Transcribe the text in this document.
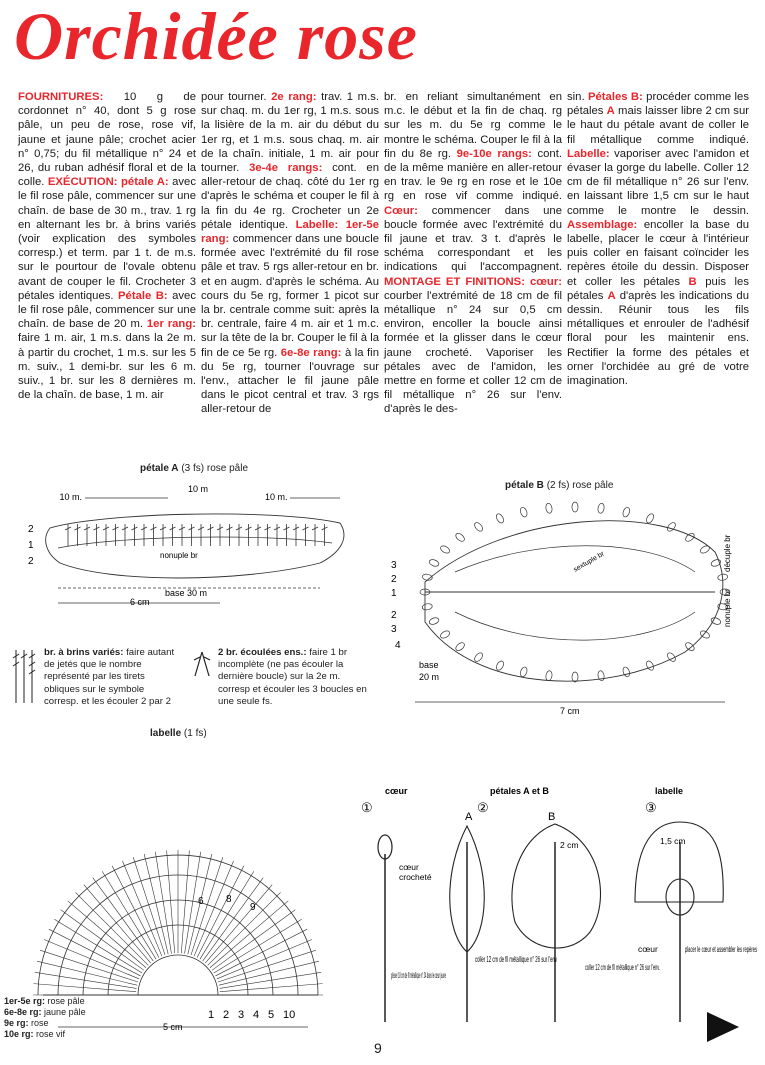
Orchidée rose

FOURNITURES: 10 g de cordonnet n° 40, dont 5 g rose pâle, un peu de rose, rose vif, jaune et jaune pâle; crochet acier n° 0,75; du fil métallique n° 24 et 26, du ruban adhésif floral et de la colle. EXÉCUTION: pétale A: avec le fil rose pâle, commencer sur une chaîn. de base de 30 m., trav. 1 rg en alternant les br. à brins variés (voir explication des symboles corresp.) et term. par 1 t. de m.s. sur le pourtour de l'ovale obtenu avant de couper le fil. Crocheter 3 pétales identiques. Pétale B: avec le fil rose pâle, commencer sur une chaîn. de base de 20 m. 1er rang: faire 1 m. air, 1 m.s. dans la 2e m. à partir du crochet, 1 m.s. sur les 5 m. suiv., 1 demi-br. sur les 6 m. suiv., 1 br. sur les 8 dernières m. de la chaîn. de base, 1 m. air

pour tourner. 2e rang: trav. 1 m.s. sur chaq. m. du 1er rg, 1 m.s. sous la lisière de la m. air du début du 1er rg, et 1 m.s. sous chaq. m. air de la chaîn. initiale, 1 m. air pour tourner. 3e-4e rangs: cont. en aller-retour de chaq. côté du 1er rg d'après le schéma et couper le fil à la fin du 4e rg. Crocheter un 2e pétale identique. Labelle: 1er-5e rang: commencer dans une boucle formée avec l'extrémité du fil rose pâle et trav. 5 rgs aller-retour en br. et en augm. d'après le schéma. Au cours du 5e rg, former 1 picot sur la br. centrale comme suit: après la br. centrale, faire 4 m. air et 1 m.c. sur la tête de la br. Couper le fil à la fin de ce 5e rg. 6e-8e rang: à la fin du 5e rg, tourner l'ouvrage sur l'env., attacher le fil jaune pâle dans le picot central et trav. 3 rgs aller-retour de

br. en reliant simultanément en m.c. le début et la fin de chaq. rg sur les m. du 5e rg comme le montre le schéma. Couper le fil à la fin du 8e rg. 9e-10e rangs: cont. de la même manière en aller-retour en trav. le 9e rg en rose et le 10e rg en rose vif comme indiqué. Cœur: commencer dans une boucle formée avec l'extrémité du fil jaune et trav. 3 t. d'après le schéma correspondant et les indications qui l'accompagnent. MONTAGE ET FINITIONS: cœur: courber l'extrémité de 18 cm de fil métallique n° 24 sur 0,5 cm environ, encoller la boucle ainsi formée et la glisser dans le cœur jaune crocheté. Vaporiser les pétales avec de l'amidon, les mettre en forme et coller 12 cm de fil métallique n° 26 sur l'env. d'après le des-

sin. Pétales B: procéder comme les pétales A mais laisser libre 2 cm sur le haut du pétale avant de coller le fil métallique comme indiqué. Labelle: vaporiser avec l'amidon et évaser la gorge du labelle. Coller 12 cm de fil métallique n° 26 sur l'env. en laissant libre 1,5 cm sur le haut comme le montre le dessin. Assemblage: encoller la base du labelle, placer le cœur à l'intérieur puis coller en faisant coïncider les repères étoile du dessin. Disposer et coller les pétales B puis les pétales A d'après les indications du dessin. Réunir tous les fils métalliques et enrouler de l'adhésif floral pour les maintenir ens. Rectifier la forme des pétales et orner l'orchidée au gré de votre imagination.

pétale A (3 fs) rose pâle
10 m.
10 m
10 m.
nonuple br
2
1
2
base 30 m
6 cm
pétale B (2 fs) rose pâle
3
2
1
2
3
4
base
20 m
7 cm
nonuple br
décuple br
sextuple br
br. à brins variés: faire autant de jetés que le nombre représenté par les tirets obliques sur le symbole corresp. et les écouler 2 par 2
2 br. écoulées ens.: faire 1 br incomplète (ne pas écouler la dernière boucle) sur la 2e m. corresp et écouler les 3 boucles en une seule fs.
labelle (1 fs)
6 8
9
1 2 3 4 5 10
5 cm
1er-5e rg: rose pâle
6e-8e rg: jaune pâle
9e rg: rose
10e rg: rose vif
cœur	pétales A et B	labelle
①	②	③
cœur
crocheté
glisser 18 cm de fil métallique n° 24 dans le cœur jaune
A	B
2 cm
coller 12 cm de fil métallique n° 26 sur l'env
1,5 cm
cœur	placer le cœur et assembler les repères
coller 12 cm de fil métallique n° 26 sur l'env.
9
